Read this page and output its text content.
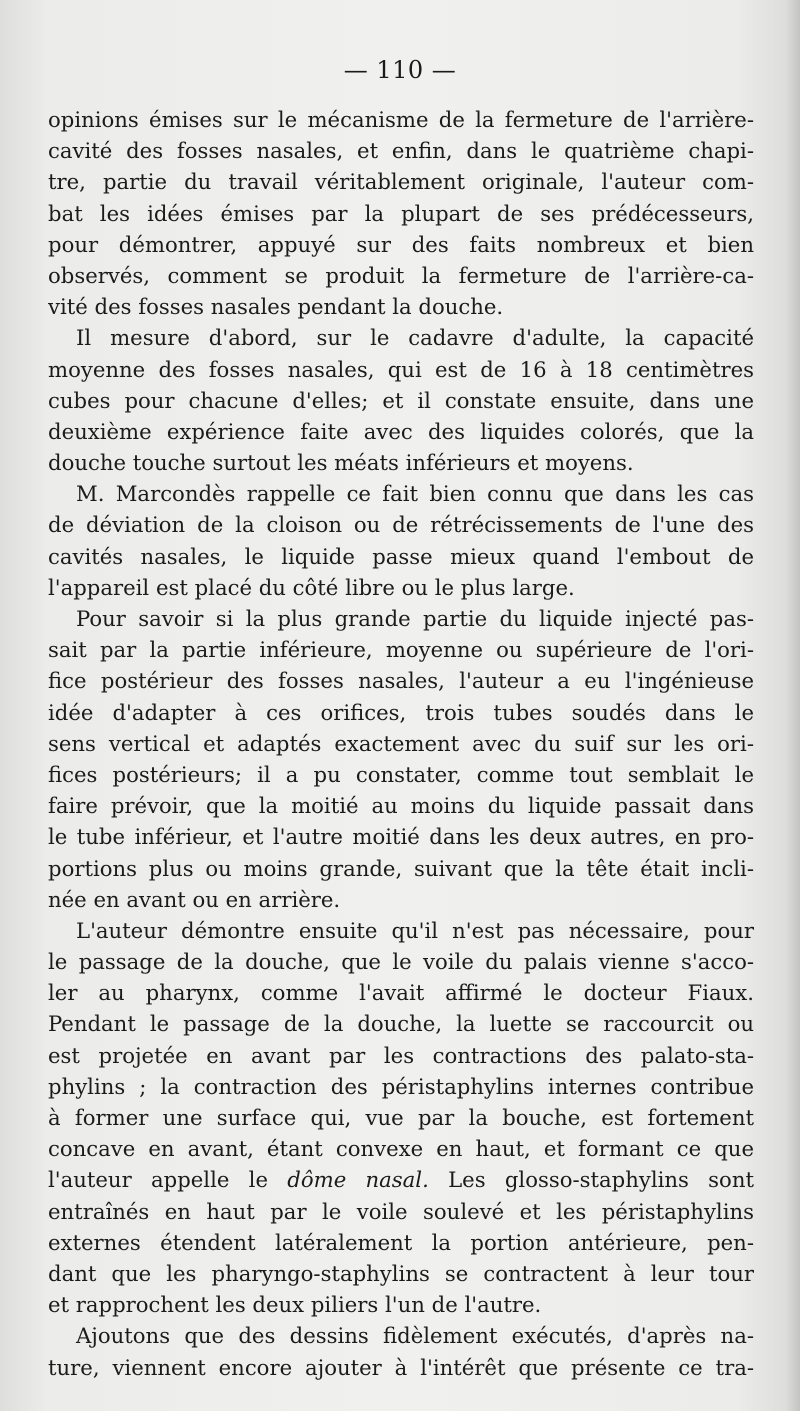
— 110 —
opinions émises sur le mécanisme de la fermeture de l'arrière-
cavité des fosses nasales, et enfin, dans le quatrième chapi-
tre, partie du travail véritablement originale, l'auteur com-
bat les idées émises par la plupart de ses prédécesseurs,
pour démontrer, appuyé sur des faits nombreux et bien
observés, comment se produit la fermeture de l'arrière-ca-
vité des fosses nasales pendant la douche.
Il mesure d'abord, sur le cadavre d'adulte, la capacité
moyenne des fosses nasales, qui est de 16 à 18 centimètres
cubes pour chacune d'elles; et il constate ensuite, dans une
deuxième expérience faite avec des liquides colorés, que la
douche touche surtout les méats inférieurs et moyens.
M. Marcondès rappelle ce fait bien connu que dans les cas
de déviation de la cloison ou de rétrécissements de l'une des
cavités nasales, le liquide passe mieux quand l'embout de
l'appareil est placé du côté libre ou le plus large.
Pour savoir si la plus grande partie du liquide injecté pas-
sait par la partie inférieure, moyenne ou supérieure de l'ori-
fice postérieur des fosses nasales, l'auteur a eu l'ingénieuse
idée d'adapter à ces orifices, trois tubes soudés dans le
sens vertical et adaptés exactement avec du suif sur les ori-
fices postérieurs; il a pu constater, comme tout semblait le
faire prévoir, que la moitié au moins du liquide passait dans
le tube inférieur, et l'autre moitié dans les deux autres, en pro-
portions plus ou moins grande, suivant que la tête était incli-
née en avant ou en arrière.
L'auteur démontre ensuite qu'il n'est pas nécessaire, pour
le passage de la douche, que le voile du palais vienne s'acco-
ler au pharynx, comme l'avait affirmé le docteur Fiaux.
Pendant le passage de la douche, la luette se raccourcit ou
est projetée en avant par les contractions des palato-sta-
phylins ; la contraction des péristaphylins internes contribue
à former une surface qui, vue par la bouche, est fortement
concave en avant, étant convexe en haut, et formant ce que
l'auteur appelle le dôme nasal. Les glosso-staphylins sont
entraînés en haut par le voile soulevé et les péristaphylins
externes étendent latéralement la portion antérieure, pen-
dant que les pharyngo-staphylins se contractent à leur tour
et rapprochent les deux piliers l'un de l'autre.
Ajoutons que des dessins fidèlement exécutés, d'après na-
ture, viennent encore ajouter à l'intérêt que présente ce tra-
